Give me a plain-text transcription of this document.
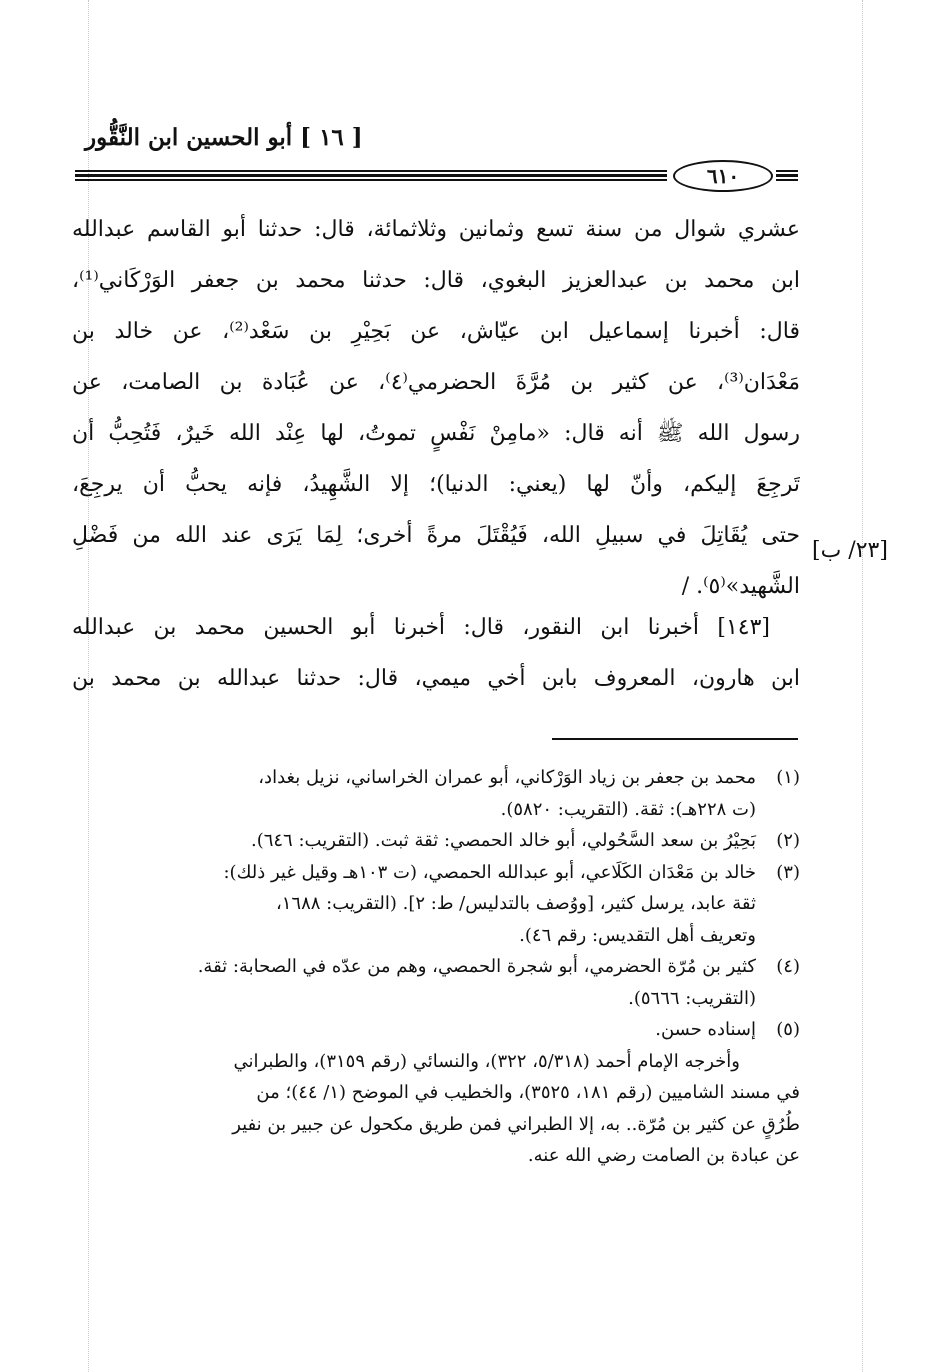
[ ١٦ ] أبو الحسين ابن النَّقُّور
٦١٠
عشري شوال من سنة تسع وثمانين وثلاثمائة، قال: حدثنا أبو القاسم عبدالله
ابن محمد بن عبدالعزيز البغوي، قال: حدثنا محمد بن جعفر الوَرْكَاني⁽¹⁾،
قال: أخبرنا إسماعيل ابن عيّاش، عن بَحِيْرِ بن سَعْد⁽²⁾، عن خالد بن
مَعْدَان⁽³⁾، عن كثير بن مُرَّةَ الحضرمي⁽٤⁾، عن عُبَادة بن الصامت، عن
رسول الله ﷺ أنه قال: «مامِنْ نَفْسٍ تموتُ، لها عِنْد الله خَيرٌ، فَتُحِبُّ أن
تَرجِعَ إليكم، وأنّ لها (يعني: الدنيا)؛ إلا الشَّهِيدُ، فإنه يحبُّ أن يرجِعَ،
حتى يُقَاتِلَ في سبيلِ الله، فَيُقْتَلَ مرةً أخرى؛ لِمَا يَرَى عند الله من فَضْلِ
الشَّهيد»⁽٥⁾. /
[٢٣/ ب]
[١٤٣] أخبرنا ابن النقور، قال: أخبرنا أبو الحسين محمد بن عبدالله
ابن هارون، المعروف بابن أخي ميمي، قال: حدثنا عبدالله بن محمد بن
(١)
محمد بن جعفر بن زياد الوَرْكاني، أبو عمران الخراساني، نزيل بغداد،
(ت ٢٢٨هـ): ثقة. (التقريب: ٥٨٢٠).
(٢)
بَحِيْرُ بن سعد السَّحُولي، أبو خالد الحمصي: ثقة ثبت. (التقريب: ٦٤٦).
(٣)
خالد بن مَعْدَان الكَلَاعي، أبو عبدالله الحمصي، (ت ١٠٣هـ وقيل غير ذلك):
ثقة عابد، يرسل كثير، [ووُصف بالتدليس/ ط: ٢]. (التقريب: ١٦٨٨،
وتعريف أهل التقديس: رقم ٤٦).
(٤)
كثير بن مُرّة الحضرمي، أبو شجرة الحمصي، وهم من عدّه في الصحابة: ثقة.
(التقريب: ٥٦٦٦).
(٥)
إسناده حسن.
وأخرجه الإمام أحمد (٥/٣١٨، ٣٢٢)، والنسائي (رقم ٣١٥٩)، والطبراني
في مسند الشاميين (رقم ١٨١، ٣٥٢٥)، والخطيب في الموضح (١/ ٤٤)؛ من
طُرُقٍ عن كثير بن مُرّة.. به، إلا الطبراني فمن طريق مكحول عن جبير بن نفير
عن عبادة بن الصامت رضي الله عنه.
